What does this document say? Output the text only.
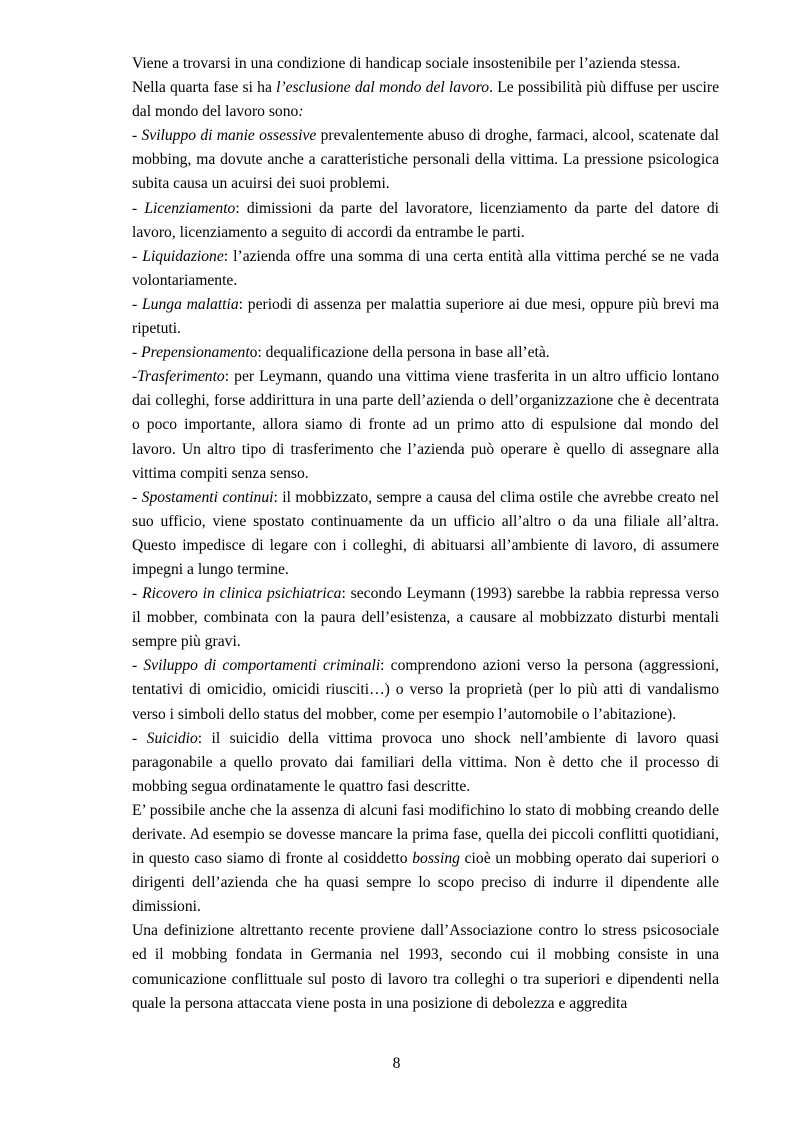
Viene a trovarsi in una condizione di handicap sociale insostenibile per l’azienda stessa.

Nella quarta fase si ha l’esclusione dal mondo del lavoro. Le possibilità più diffuse per uscire dal mondo del lavoro sono:

- Sviluppo di manie ossessive prevalentemente abuso di droghe, farmaci, alcool, scatenate dal mobbing, ma dovute anche a caratteristiche personali della vittima. La pressione psicologica subita causa un acuirsi dei suoi problemi.

- Licenziamento: dimissioni da parte del lavoratore, licenziamento da parte del datore di lavoro, licenziamento a seguito di accordi da entrambe le parti.

- Liquidazione: l’azienda offre una somma di una certa entità alla vittima perché se ne vada volontariamente.

- Lunga malattia: periodi di assenza per malattia superiore ai due mesi, oppure più brevi ma ripetuti.

- Prepensionamento: dequalificazione della persona in base all’età.

-Trasferimento: per Leymann, quando una vittima viene trasferita in un altro ufficio lontano dai colleghi, forse addirittura in una parte dell’azienda o dell’organizzazione che è decentrata o poco importante, allora siamo di fronte ad un primo atto di espulsione dal mondo del lavoro. Un altro tipo di trasferimento che l’azienda può operare è quello di assegnare alla vittima compiti senza senso.

- Spostamenti continui: il mobbizzato, sempre a causa del clima ostile che avrebbe creato nel suo ufficio, viene spostato continuamente da un ufficio all’altro o da una filiale all’altra. Questo impedisce di legare con i colleghi, di abituarsi all’ambiente di lavoro, di assumere impegni a lungo termine.

- Ricovero in clinica psichiatrica: secondo Leymann (1993) sarebbe la rabbia repressa verso il mobber, combinata con la paura dell’esistenza, a causare al mobbizzato disturbi mentali sempre più gravi.

- Sviluppo di comportamenti criminali: comprendono azioni verso la persona (aggressioni, tentativi di omicidio, omicidi riusciti…) o verso la proprietà (per lo più atti di vandalismo verso i simboli dello status del mobber, come per esempio l’automobile o l’abitazione).

- Suicidio: il suicidio della vittima provoca uno shock nell’ambiente di lavoro quasi paragonabile a quello provato dai familiari della vittima. Non è detto che il processo di mobbing segua ordinatamente le quattro fasi descritte.

E’ possibile anche che la assenza di alcuni fasi modifichino lo stato di mobbing creando delle derivate. Ad esempio se dovesse mancare la prima fase, quella dei piccoli conflitti quotidiani, in questo caso siamo di fronte al cosiddetto bossing cioè un mobbing operato dai superiori o dirigenti dell’azienda che ha quasi sempre lo scopo preciso di indurre il dipendente alle dimissioni.

Una definizione altrettanto recente proviene dall’Associazione contro lo stress psicosociale ed il mobbing fondata in Germania nel 1993, secondo cui il mobbing consiste in una comunicazione conflittuale sul posto di lavoro tra colleghi o tra superiori e dipendenti nella quale la persona attaccata viene posta in una posizione di debolezza e aggredita

8
